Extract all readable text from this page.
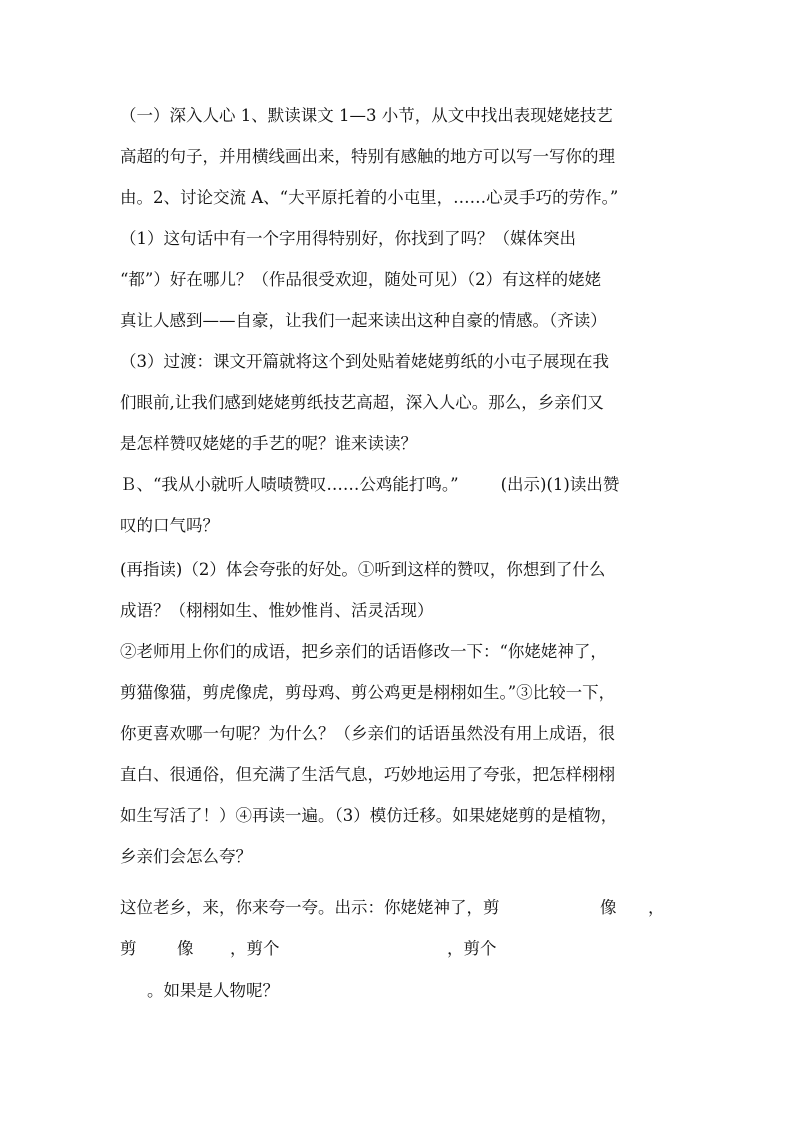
（一）深入人心 1、默读课文 1—3 小节，从文中找出表现姥姥技艺
高超的句子，并用横线画出来，特别有感触的地方可以写一写你的理
由。2、讨论交流 A、“大平原托着的小屯里，……心灵手巧的劳作。”
（1）这句话中有一个字用得特别好，你找到了吗？（媒体突出
“都”）好在哪儿？（作品很受欢迎，随处可见）（2）有这样的姥姥
真让人感到——自豪，让我们一起来读出这种自豪的情感。（齐读）
（3）过渡：课文开篇就将这个到处贴着姥姥剪纸的小屯子展现在我
们眼前,让我们感到姥姥剪纸技艺高超，深入人心。那么，乡亲们又
是怎样赞叹姥姥的手艺的呢？谁来读读？
Ｂ、“我从小就听人啧啧赞叹……公鸡能打鸣。”        (出示)(1)读出赞
叹的口气吗？
(再指读)（2）体会夸张的好处。①听到这样的赞叹，你想到了什么
成语？（栩栩如生、惟妙惟肖、活灵活现）
②老师用上你们的成语，把乡亲们的话语修改一下：“你姥姥神了，
剪猫像猫，剪虎像虎，剪母鸡、剪公鸡更是栩栩如生。”③比较一下，
你更喜欢哪一句呢？为什么？（乡亲们的话语虽然没有用上成语，很
直白、很通俗，但充满了生活气息，巧妙地运用了夸张，把怎样栩栩
如生写活了！）④再读一遍。（3）模仿迁移。如果姥姥剪的是植物，
乡亲们会怎么夸？
这位老乡，来，你来夸一夸。出示：你姥姥神了，剪	像 ，
剪 像 ，剪个	，剪个
。如果是人物呢？
